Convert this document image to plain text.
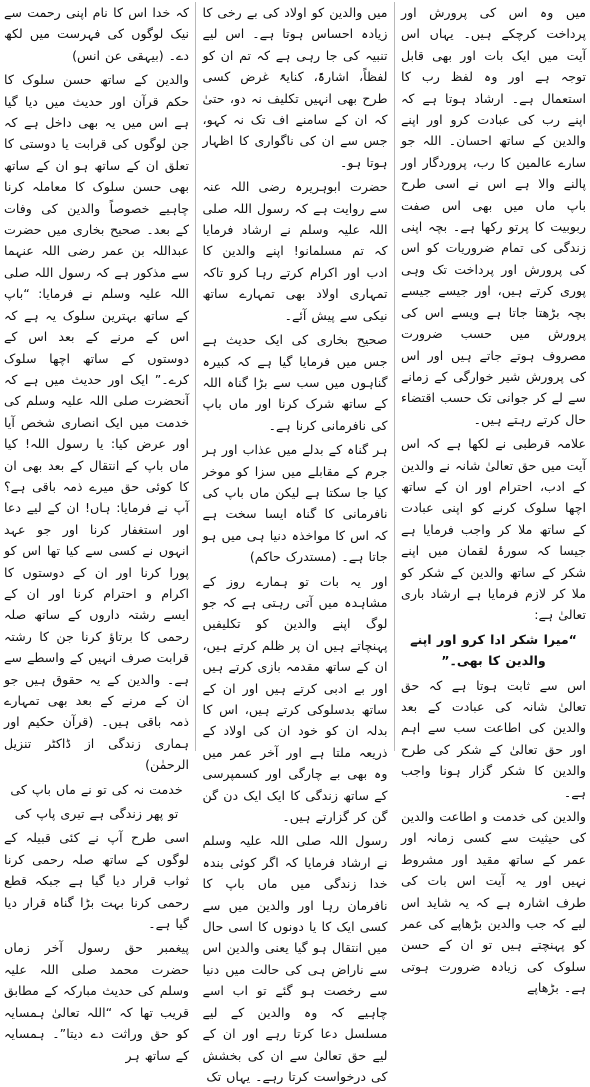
میں وہ اس کی پرورش اور پرداخت کرچکے ہیں۔ یہاں اس آیت میں ایک بات اور بھی قابل توجہ ہے اور وہ لفظ رب کا استعمال ہے۔ ارشاد ہوتا ہے کہ اپنے رب کی عبادت کرو اور اپنے والدین کے ساتھ احسان۔ اللہ جو سارے عالمین کا رب، پروردگار اور پالنے والا ہے اس نے اسی طرح باپ ماں میں بھی اس صفت ربوبیت کا پرتو رکھا ہے۔ بچہ اپنی زندگی کی تمام ضروریات کو اس کی پرورش اور پرداخت تک وہی پوری کرتے ہیں، اور جیسے جیسے بچہ بڑھتا جاتا ہے ویسے اس کی پرورش میں حسب ضرورت مصروف ہوتے جاتے ہیں اور اس کی پرورش شیر خوارگی کے زمانے سے لے کر جوانی تک حسب اقتضاء حال کرتے رہتے ہیں۔

علامہ قرطبی نے لکھا ہے کہ اس آیت میں حق تعالیٰ شانہ نے والدین کے ادب، احترام اور ان کے ساتھ اچھا سلوک کرنے کو اپنی عبادت کے ساتھ ملا کر واجب فرمایا ہے جیسا کہ سورۂ لقمان میں اپنے شکر کے ساتھ والدین کے شکر کو ملا کر لازم فرمایا ہے ارشاد باری تعالیٰ ہے:

“میرا شکر ادا کرو اور اپنے والدین کا بھی۔”

اس سے ثابت ہوتا ہے کہ حق تعالیٰ شانہ کی عبادت کے بعد والدین کی اطاعت سب سے اہم اور حق تعالیٰ کے شکر کی طرح والدین کا شکر گزار ہونا واجب ہے۔

والدین کی خدمت و اطاعت والدین کی حیثیت سے کسی زمانہ اور عمر کے ساتھ مقید اور مشروط نہیں اور یہ آیت اس بات کی طرف اشارہ ہے کہ یہ شاید اس لیے کہ جب والدین بڑھاپے کی عمر کو پہنچتے ہیں تو ان کے حسن سلوک کی زیادہ ضرورت ہوتی ہے۔ بڑھاپے

میں والدین کو اولاد کی بے رخی کا زیادہ احساس ہوتا ہے۔ اس لیے تنبیہ کی جا رہی ہے کہ تم ان کو لفظاً، اشارۃً، کنایۃً غرض کسی طرح بھی انہیں تکلیف نہ دو، حتیٰ کہ ان کے سامنے اف تک نہ کہو، جس سے ان کی ناگواری کا اظہار ہوتا ہو۔

حضرت ابوہریرہ رضی اللہ عنہ سے روایت ہے کہ رسول اللہ صلی اللہ علیہ وسلم نے ارشاد فرمایا کہ تم مسلمانو! اپنے والدین کا ادب اور اکرام کرتے رہا کرو تاکہ تمہاری اولاد بھی تمہارے ساتھ نیکی سے پیش آئے۔

صحیح بخاری کی ایک حدیث ہے جس میں فرمایا گیا ہے کہ کبیرہ گناہوں میں سب سے بڑا گناہ اللہ کے ساتھ شرک کرنا اور ماں باپ کی نافرمانی کرنا ہے۔

ہر گناہ کے بدلے میں عذاب اور ہر جرم کے مقابلے میں سزا کو موخر کیا جا سکتا ہے لیکن ماں باپ کی نافرمانی کا گناہ ایسا سخت ہے کہ اس کا مواخذہ دنیا ہی میں ہو جاتا ہے۔ (مستدرک حاکم)

اور یہ بات تو ہمارے روز کے مشاہدہ میں آتی رہتی ہے کہ جو لوگ اپنے والدین کو تکلیفیں پہنچاتے ہیں ان پر ظلم کرتے ہیں، ان کے ساتھ مقدمہ بازی کرتے ہیں اور بے ادبی کرتے ہیں اور ان کے ساتھ بدسلوکی کرتے ہیں، اس کا بدلہ ان کو خود ان کی اولاد کے ذریعہ ملتا ہے اور آخر عمر میں وہ بھی بے چارگی اور کسمپرسی کے ساتھ زندگی کا ایک ایک دن گن گن کر گزارتے ہیں۔

رسول اللہ صلی اللہ علیہ وسلم نے ارشاد فرمایا کہ اگر کوئی بندہ خدا زندگی میں ماں باپ کا نافرمان رہا اور والدین میں سے کسی ایک کا یا دونوں کا اسی حال میں انتقال ہو گیا یعنی والدین اس سے ناراض ہی کی حالت میں دنیا سے رخصت ہو گئے تو اب اسے چاہیے کہ وہ والدین کے لیے مسلسل دعا کرتا رہے اور ان کے لیے حق تعالیٰ سے ان کی بخشش کی درخواست کرتا رہے۔ یہاں تک

کہ خدا اس کا نام اپنی رحمت سے نیک لوگوں کی فہرست میں لکھ دے۔ (بیہقی عن انس)

والدین کے ساتھ حسن سلوک کا حکم قرآن اور حدیث میں دیا گیا ہے اس میں یہ بھی داخل ہے کہ جن لوگوں کی قرابت یا دوستی کا تعلق ان کے ساتھ ہو ان کے ساتھ بھی حسن سلوک کا معاملہ کرنا چاہیے خصوصاً والدین کی وفات کے بعد۔ صحیح بخاری میں حضرت عبداللہ بن عمر رضی اللہ عنہما سے مذکور ہے کہ رسول اللہ صلی اللہ علیہ وسلم نے فرمایا: “باپ کے ساتھ بہترین سلوک یہ ہے کہ اس کے مرنے کے بعد اس کے دوستوں کے ساتھ اچھا سلوک کرے۔” ایک اور حدیث میں ہے کہ آنحضرت صلی اللہ علیہ وسلم کی خدمت میں ایک انصاری شخص آیا اور عرض کیا: یا رسول اللہ! کیا ماں باپ کے انتقال کے بعد بھی ان کا کوئی حق میرے ذمہ باقی ہے؟ آپ نے فرمایا: ہاں! ان کے لیے دعا اور استغفار کرنا اور جو عہد انہوں نے کسی سے کیا تھا اس کو پورا کرنا اور ان کے دوستوں کا اکرام و احترام کرنا اور ان کے ایسے رشتہ داروں کے ساتھ صلہ رحمی کا برتاؤ کرنا جن کا رشتہ قرابت صرف انہیں کے واسطے سے ہے۔ والدین کے یہ حقوق ہیں جو ان کے مرنے کے بعد بھی تمہارے ذمہ باقی ہیں۔ (قرآن حکیم اور ہماری زندگی از ڈاکٹر تنزیل الرحمٰن)

خدمت نہ کی تو نے ماں باپ کی

تو پھر زندگی ہے تیری پاپ کی

اسی طرح آپ نے کئی قبیلہ کے لوگوں کے ساتھ صلہ رحمی کرنا ثواب قرار دیا گیا ہے جبکہ قطع رحمی کرنا بہت بڑا گناہ قرار دیا گیا ہے۔

پیغمبر حق رسول آخر زماں حضرت محمد صلی اللہ علیہ وسلم کی حدیث مبارکہ کے مطابق قریب تھا کہ “اللہ تعالیٰ ہمسایہ کو حق وراثت دے دیتا”۔ ہمسایہ کے ساتھ ہر
